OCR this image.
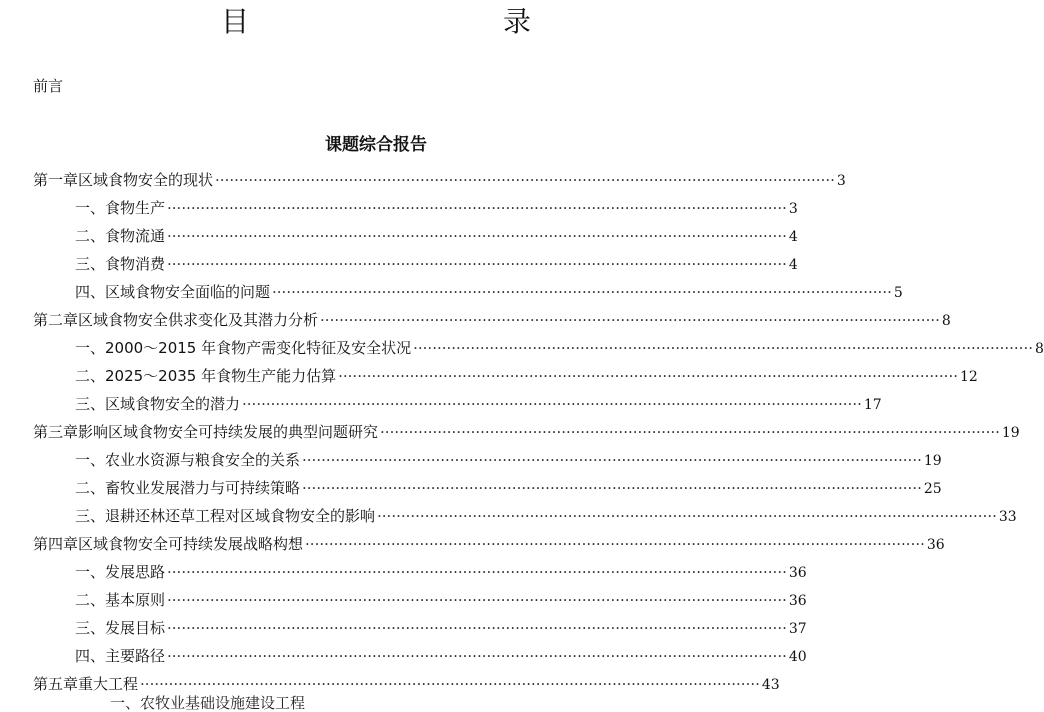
目　　录
前言
课题综合报告
第一章 区域食物安全的现状 ·····	3
一、食物生产 ·····	3
二、食物流通 ·····	4
三、食物消费 ·····	4
四、区域食物安全面临的问题 ·····	5
第二章 区域食物安全供求变化及其潜力分析 ·····	8
一、2000～2015 年食物产需变化特征及安全状况 ·····	8
二、2025～2035 年食物生产能力估算 ·····	12
三、区域食物安全的潜力 ·····	17
第三章 影响区域食物安全可持续发展的典型问题研究 ·····	19
一、农业水资源与粮食安全的关系 ·····	19
二、畜牧业发展潜力与可持续策略 ·····	25
三、退耕还林还草工程对区域食物安全的影响 ·····	33
第四章 区域食物安全可持续发展战略构想 ·····	36
一、发展思路 ·····	36
二、基本原则 ·····	36
三、发展目标 ·····	37
四、主要路径 ·····	40
第五章 重大工程 ·····	43
一、农牧业基础设施建设工程
